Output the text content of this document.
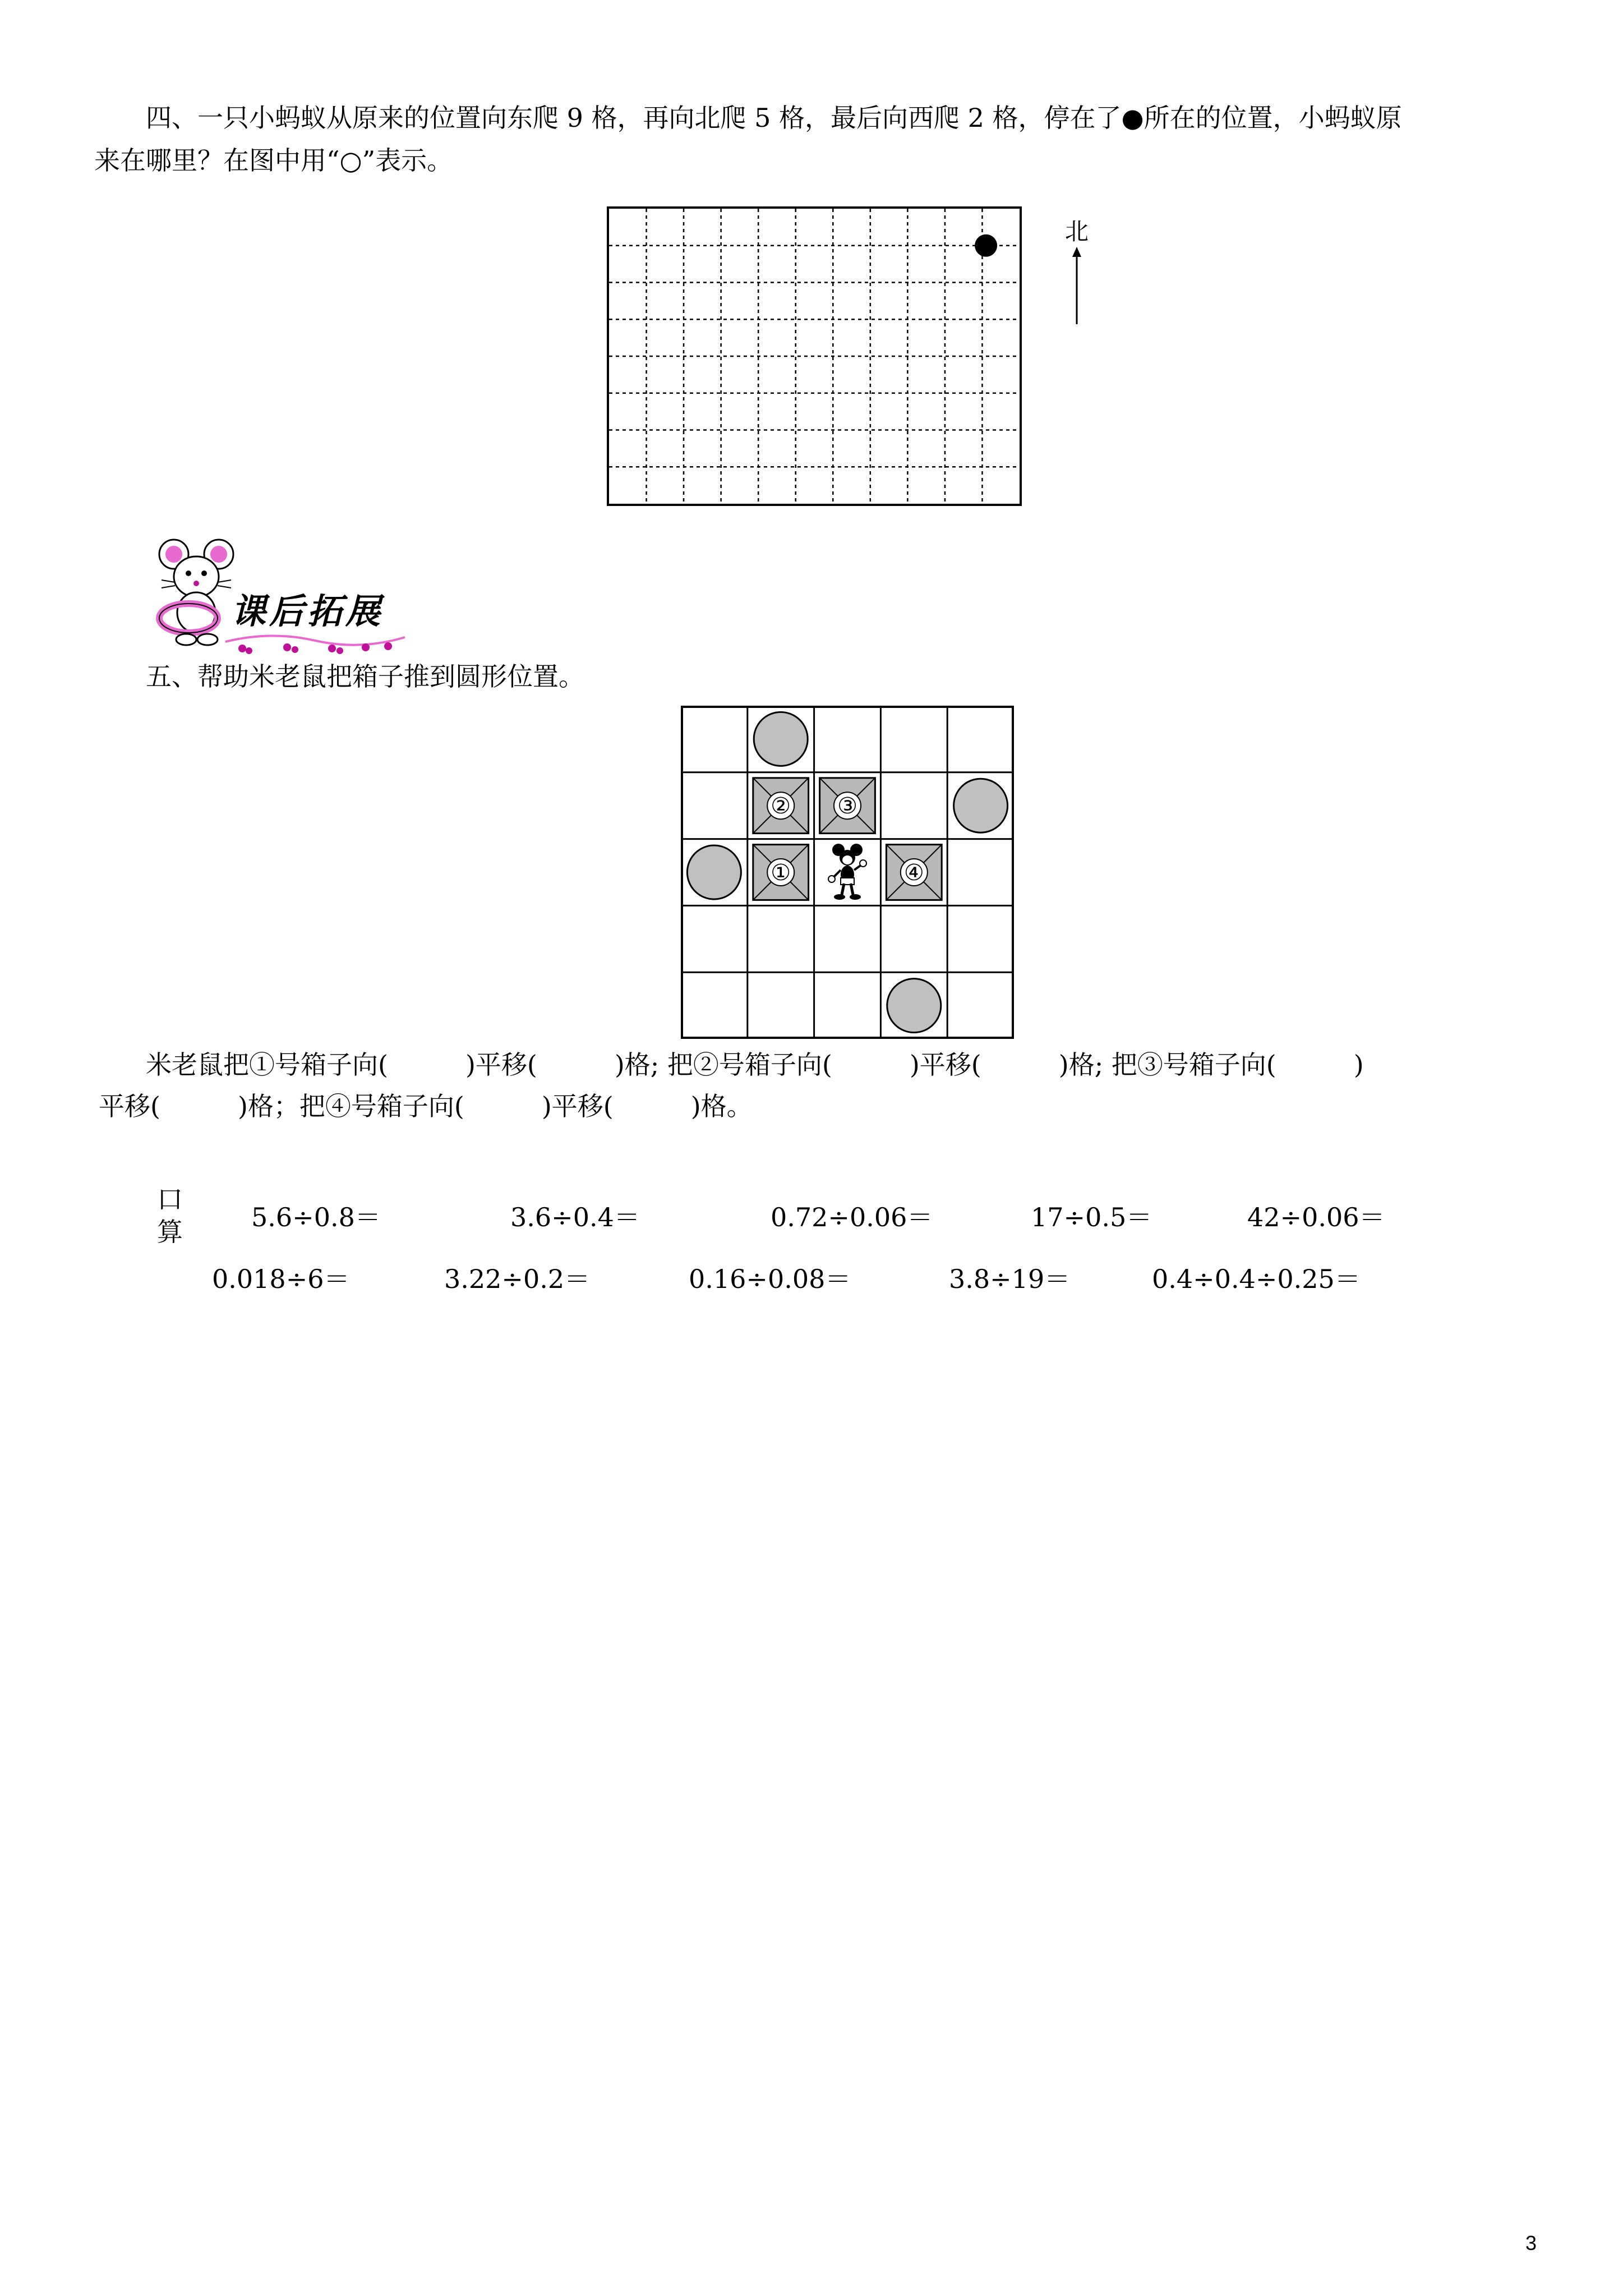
　　四、一只小蚂蚁从原来的位置向东爬 9 格，再向北爬 5 格，最后向西爬 2 格，停在了●所在的位置，小蚂蚁原
来在哪里？在图中用“○”表示。
北
课后拓展
　　五、帮助米老鼠把箱子推到圆形位置。
② ③
①	④
　　米老鼠把①号箱子向(　　　)平移(　　　)格; 把②号箱子向(　　　)平移(　　　)格; 把③号箱子向(　　　)
平移(　　　)格；把④号箱子向(　　　)平移(　　　)格。
口
算	5.6÷0.8＝	3.6÷0.4＝	0.72÷0.06＝	17÷0.5＝	42÷0.06＝
0.018÷6＝	3.22÷0.2＝	0.16÷0.08＝	3.8÷19＝	0.4÷0.4÷0.25＝
3
